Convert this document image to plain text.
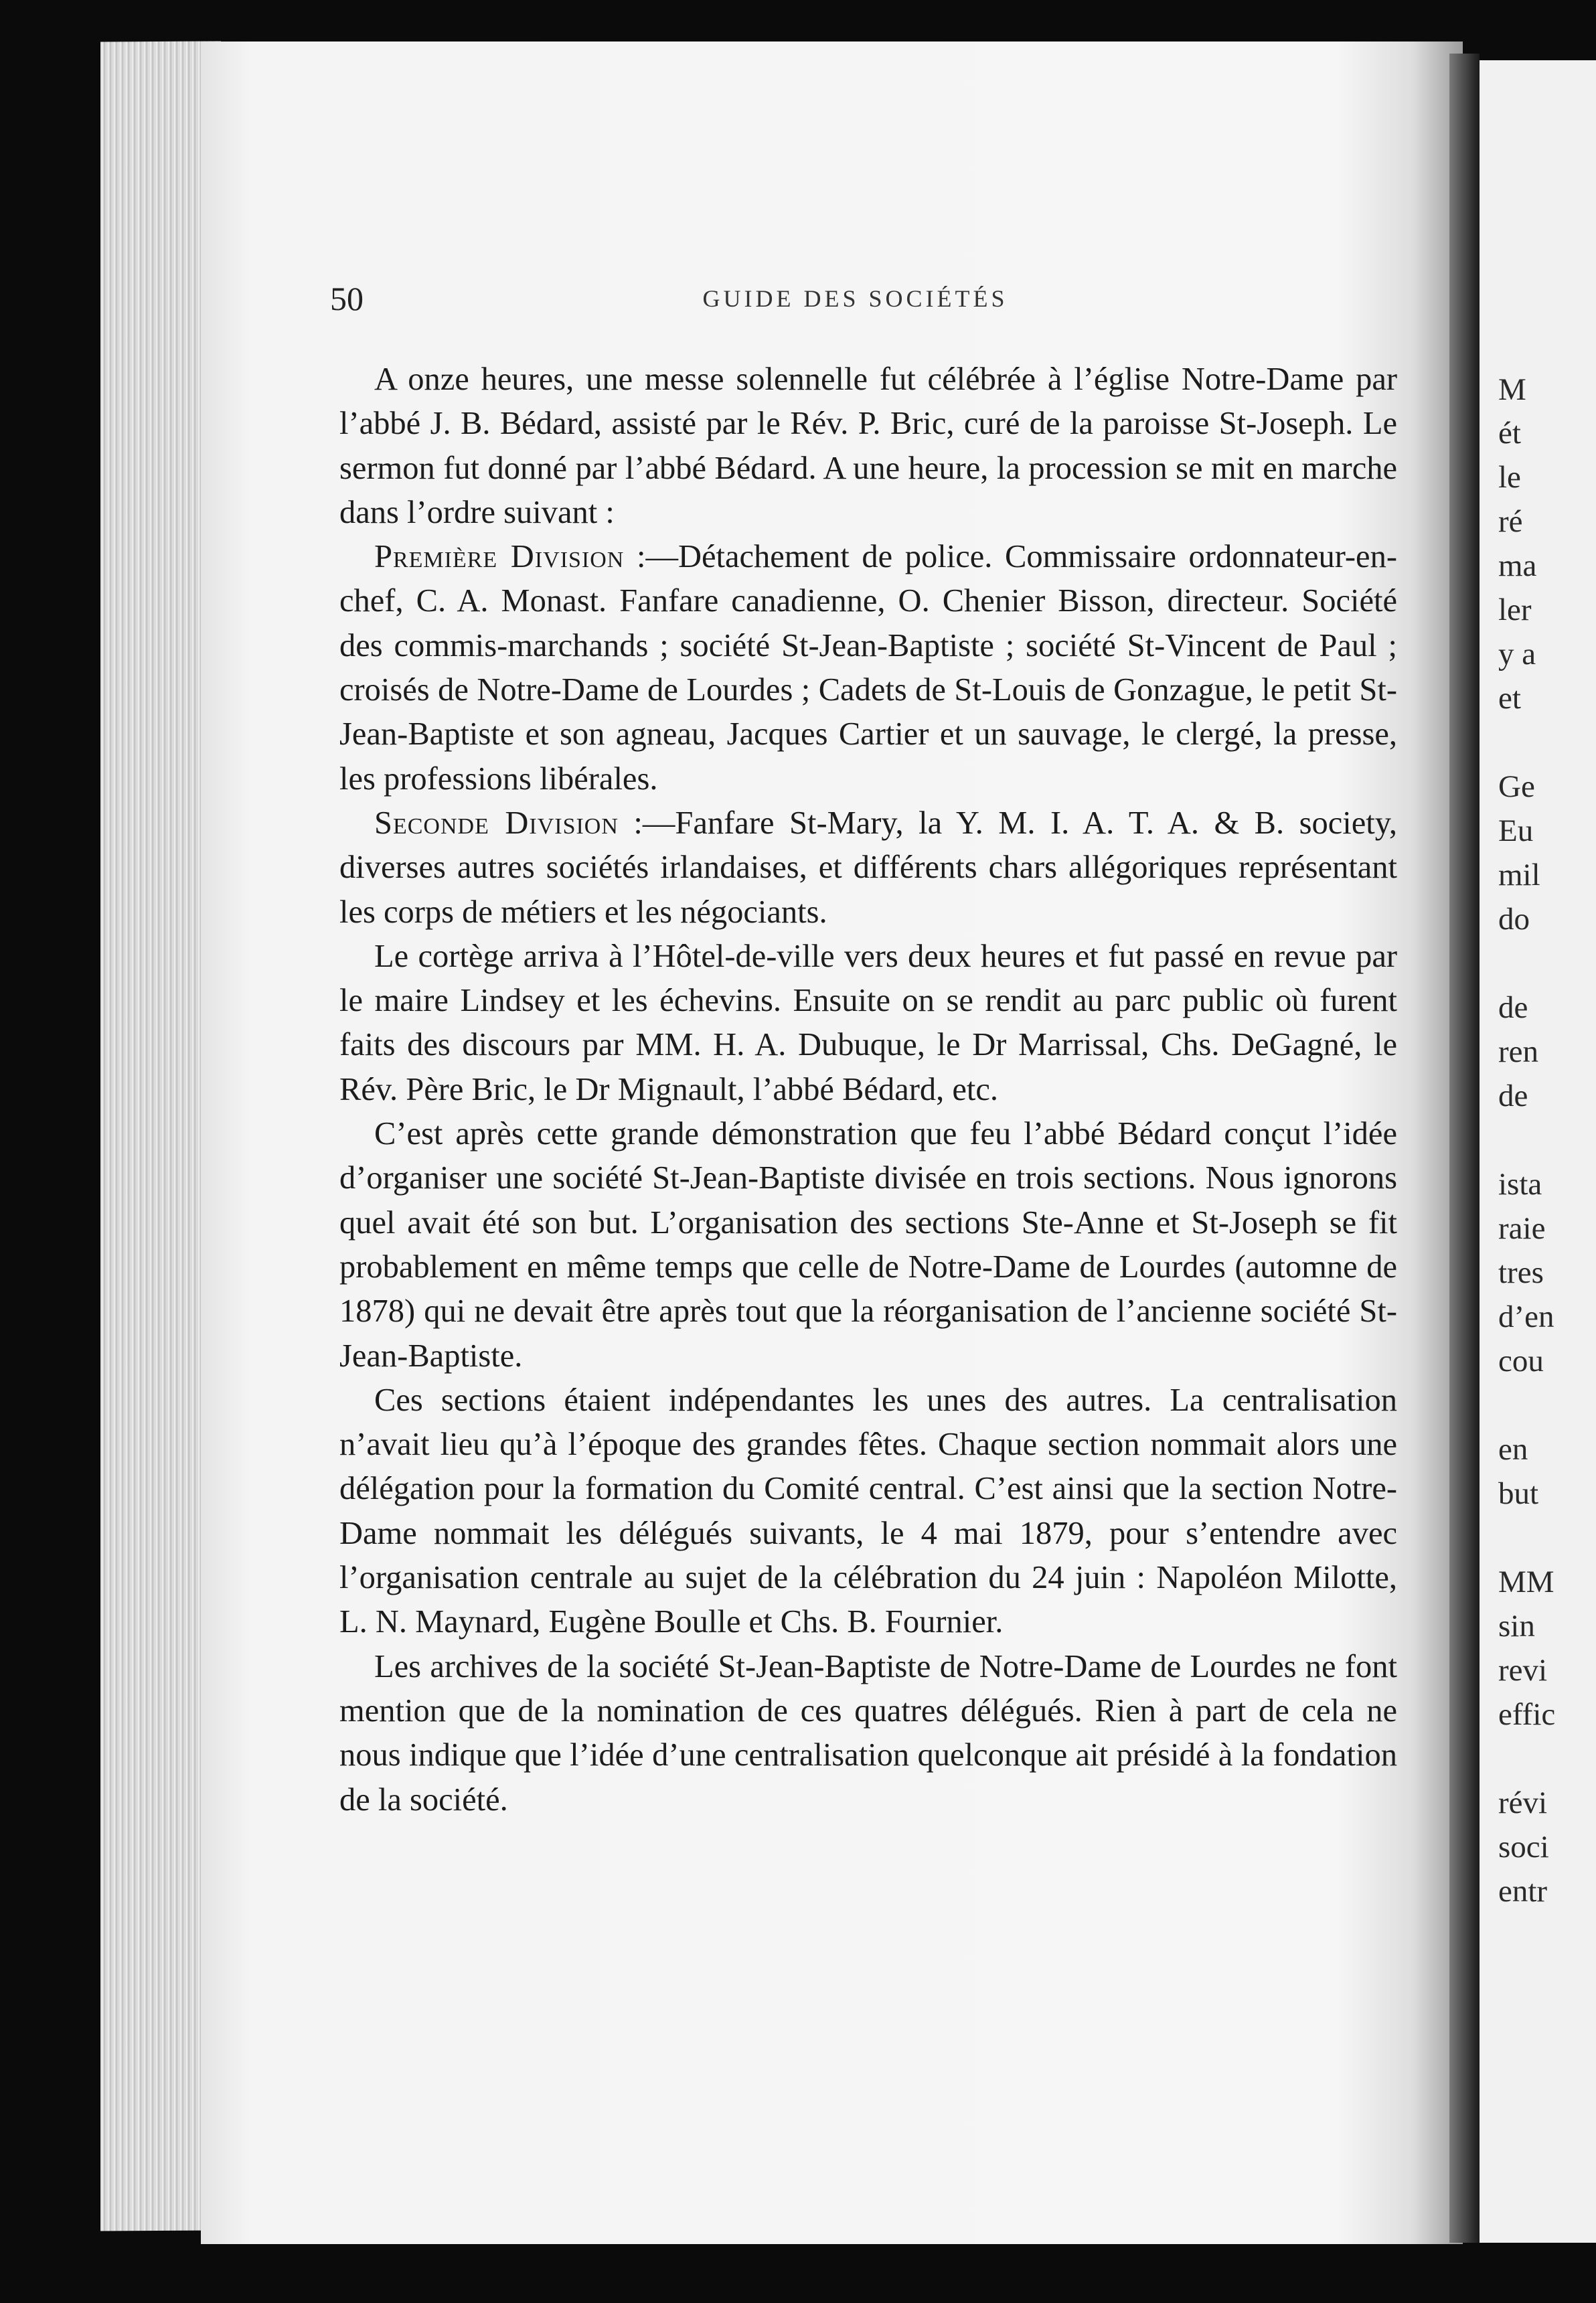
50	GUIDE DES SOCIÉTÉS

A onze heures, une messe solennelle fut célébrée à l’église Notre-Dame par l’abbé J. B. Bédard, assisté par le Rév. P. Bric, curé de la paroisse St-Joseph. Le sermon fut donné par l’abbé Bédard. A une heure, la procession se mit en marche dans l’ordre suivant :

Première Division :—Détachement de police. Commissaire ordonnateur-en-chef, C. A. Monast. Fanfare canadienne, O. Chenier Bisson, directeur. Société des commis-marchands ; société St-Jean-Baptiste ; société St-Vincent de Paul ; croisés de Notre-Dame de Lourdes ; Cadets de St-Louis de Gonzague, le petit St-Jean-Baptiste et son agneau, Jacques Cartier et un sauvage, le clergé, la presse, les professions libérales.

Seconde Division :—Fanfare St-Mary, la Y. M. I. A. T. A. & B. society, diverses autres sociétés irlandaises, et différents chars allégoriques représentant les corps de métiers et les négociants.

Le cortège arriva à l’Hôtel-de-ville vers deux heures et fut passé en revue par le maire Lindsey et les échevins. Ensuite on se rendit au parc public où furent faits des discours par MM. H. A. Dubuque, le Dr Marrissal, Chs. DeGagné, le Rév. Père Bric, le Dr Mignault, l’abbé Bédard, etc.

C’est après cette grande démonstration que feu l’abbé Bédard conçut l’idée d’organiser une société St-Jean-Baptiste divisée en trois sections. Nous ignorons quel avait été son but. L’organisation des sections Ste-Anne et St-Joseph se fit probablement en même temps que celle de Notre-Dame de Lourdes (automne de 1878) qui ne devait être après tout que la réorganisation de l’ancienne société St-Jean-Baptiste.

Ces sections étaient indépendantes les unes des autres. La centralisation n’avait lieu qu’à l’époque des grandes fêtes. Chaque section nommait alors une délégation pour la formation du Comité central. C’est ainsi que la section Notre-Dame nommait les délégués suivants, le 4 mai 1879, pour s’entendre avec l’organisation centrale au sujet de la célébration du 24 juin : Napoléon Milotte, L. N. Maynard, Eugène Boulle et Chs. B. Fournier.

Les archives de la société St-Jean-Baptiste de Notre-Dame de Lourdes ne font mention que de la nomination de ces quatres délégués. Rien à part de cela ne nous indique que l’idée d’une centralisation quelconque ait présidé à la fondation de la société.

M
ét
le
ré
ma
ler
y a
et
Ge
Eu
mil
do
de
ren
de
ista
raie
tres
d’en
cou
en
but
MM
sin
revi
effic
révi
soci
entr
